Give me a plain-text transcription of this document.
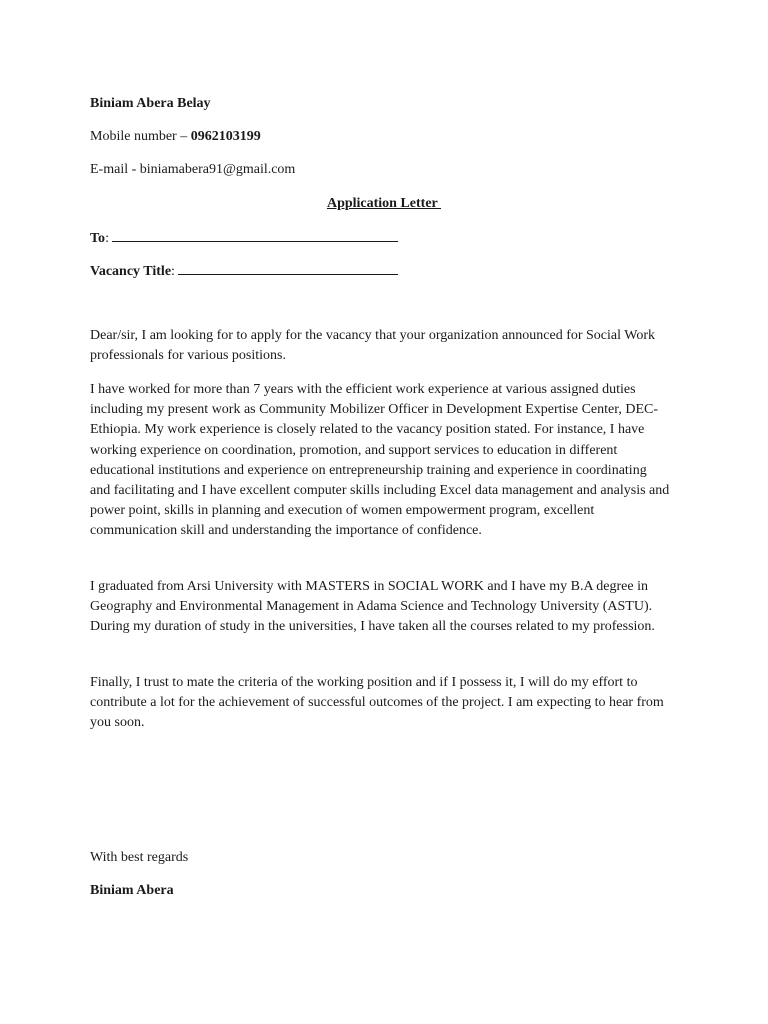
Biniam Abera Belay
Mobile number – 0962103199
E-mail - biniamabera91@gmail.com
Application Letter
To:
Vacancy Title:

Dear/sir, I am looking for to apply for the vacancy that your organization announced for Social Work professionals for various positions.

I have worked for more than 7 years with the efficient work experience at various assigned duties including my present work as Community Mobilizer Officer in Development Expertise Center, DEC- Ethiopia. My work experience is closely related to the vacancy position stated. For instance, I have working experience on coordination, promotion, and support services to education in different educational institutions and experience on entrepreneurship training and experience in coordinating and facilitating and I have excellent computer skills including Excel data management and analysis and power point, skills in planning and execution of women empowerment program, excellent communication skill and understanding the importance of confidence.

I graduated from Arsi University with MASTERS in SOCIAL WORK and I have my B.A degree in Geography and Environmental Management in Adama Science and Technology University (ASTU). During my duration of study in the universities, I have taken all the courses related to my profession.

Finally, I trust to mate the criteria of the working position and if I possess it, I will do my effort to contribute a lot for the achievement of successful outcomes of the project. I am expecting to hear from you soon.

With best regards
Biniam Abera
